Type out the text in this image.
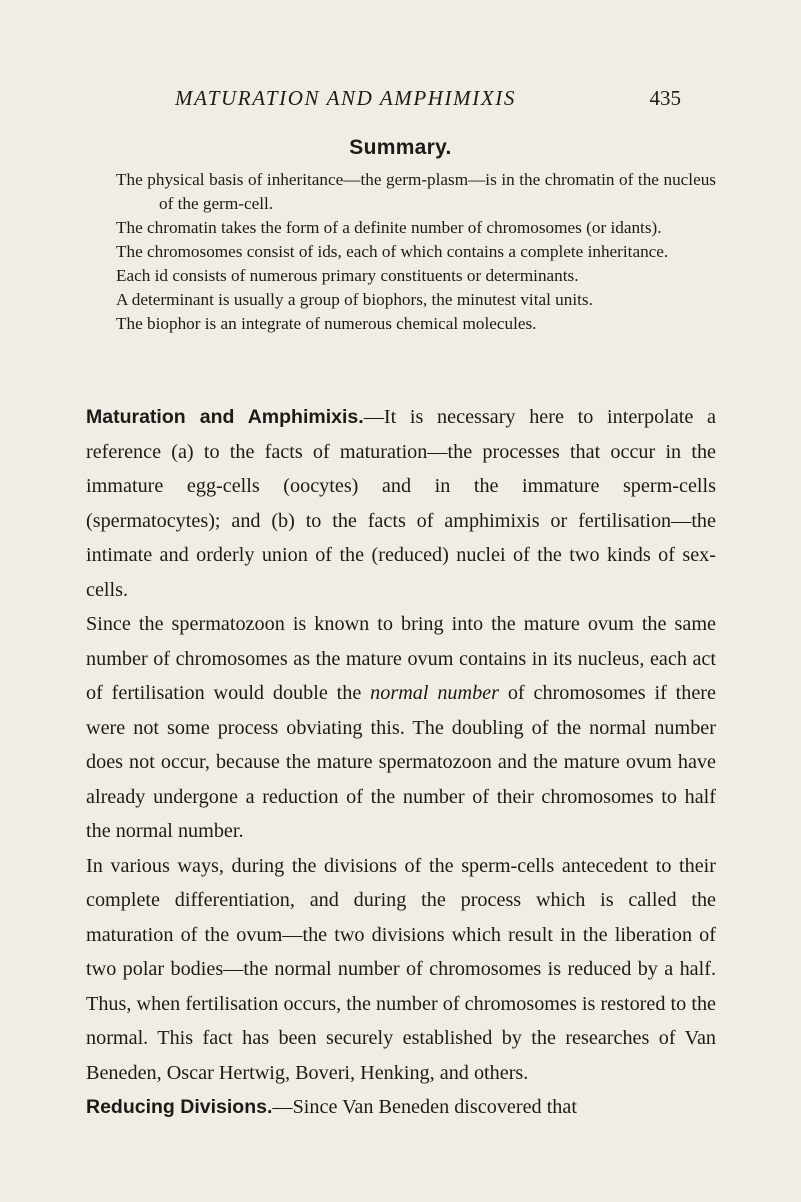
MATURATION AND AMPHIMIXIS	435
Summary.

The physical basis of inheritance—the germ-plasm—is in the chromatin of the nucleus of the germ-cell.

The chromatin takes the form of a definite number of chromosomes (or idants).

The chromosomes consist of ids, each of which contains a complete inheritance.

Each id consists of numerous primary constituents or determinants.

A determinant is usually a group of biophors, the minutest vital units.

The biophor is an integrate of numerous chemical molecules.

Maturation and Amphimixis.—It is necessary here to interpolate a reference (a) to the facts of maturation—the processes that occur in the immature egg-cells (oocytes) and in the immature sperm-cells (spermatocytes); and (b) to the facts of amphimixis or fertilisation—the intimate and orderly union of the (reduced) nuclei of the two kinds of sex-cells.

Since the spermatozoon is known to bring into the mature ovum the same number of chromosomes as the mature ovum contains in its nucleus, each act of fertilisation would double the normal number of chromosomes if there were not some process obviating this. The doubling of the normal number does not occur, because the mature spermatozoon and the mature ovum have already undergone a reduction of the number of their chromosomes to half the normal number.

In various ways, during the divisions of the sperm-cells antecedent to their complete differentiation, and during the process which is called the maturation of the ovum—the two divisions which result in the liberation of two polar bodies—the normal number of chromosomes is reduced by a half. Thus, when fertilisation occurs, the number of chromosomes is restored to the normal. This fact has been securely established by the researches of Van Beneden, Oscar Hertwig, Boveri, Henking, and others.

Reducing Divisions.—Since Van Beneden discovered that
